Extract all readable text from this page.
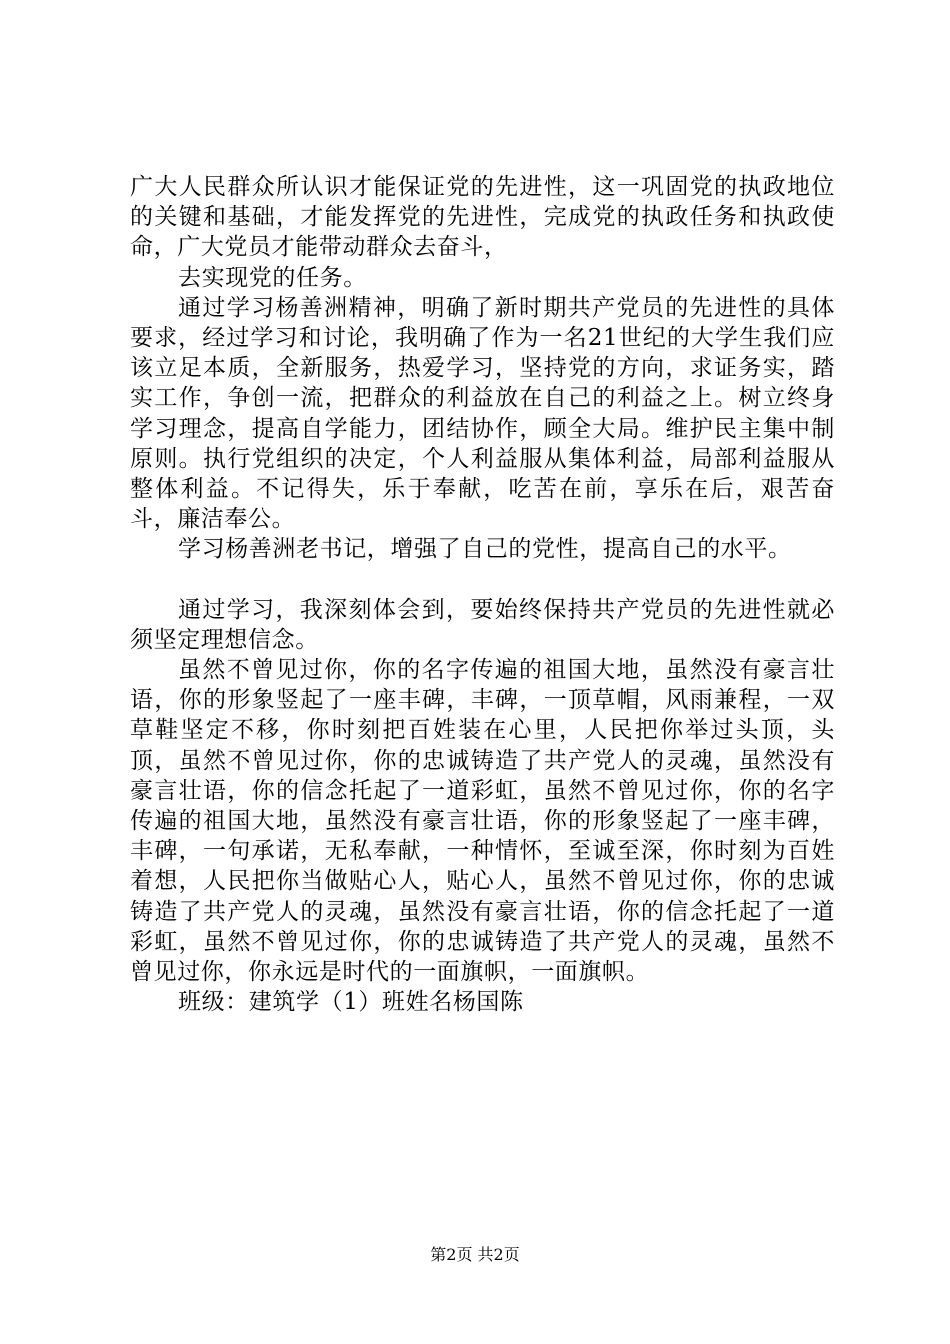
广大人民群众所认识才能保证党的先进性，这一巩固党的执政地位的关键和基础，才能发挥党的先进性，完成党的执政任务和执政使命，广大党员才能带动群众去奋斗，

去实现党的任务。

通过学习杨善洲精神，明确了新时期共产党员的先进性的具体要求，经过学习和讨论，我明确了作为一名21世纪的大学生我们应该立足本质，全新服务，热爱学习，坚持党的方向，求证务实，踏实工作，争创一流，把群众的利益放在自己的利益之上。树立终身学习理念，提高自学能力，团结协作，顾全大局。维护民主集中制原则。执行党组织的决定，个人利益服从集体利益，局部利益服从整体利益。不记得失，乐于奉献，吃苦在前，享乐在后，艰苦奋斗，廉洁奉公。

学习杨善洲老书记，增强了自己的党性，提高自己的水平。

通过学习，我深刻体会到，要始终保持共产党员的先进性就必须坚定理想信念。

虽然不曾见过你，你的名字传遍的祖国大地，虽然没有豪言壮语，你的形象竖起了一座丰碑，丰碑，一顶草帽，风雨兼程，一双草鞋坚定不移，你时刻把百姓装在心里，人民把你举过头顶，头顶，虽然不曾见过你，你的忠诚铸造了共产党人的灵魂，虽然没有豪言壮语，你的信念托起了一道彩虹，虽然不曾见过你，你的名字传遍的祖国大地，虽然没有豪言壮语，你的形象竖起了一座丰碑，丰碑，一句承诺，无私奉献，一种情怀，至诚至深，你时刻为百姓着想，人民把你当做贴心人，贴心人，虽然不曾见过你，你的忠诚铸造了共产党人的灵魂，虽然没有豪言壮语，你的信念托起了一道彩虹，虽然不曾见过你，你的忠诚铸造了共产党人的灵魂，虽然不曾见过你，你永远是时代的一面旗帜，一面旗帜。

班级：建筑学（1）班姓名杨国陈

第2页 共2页
